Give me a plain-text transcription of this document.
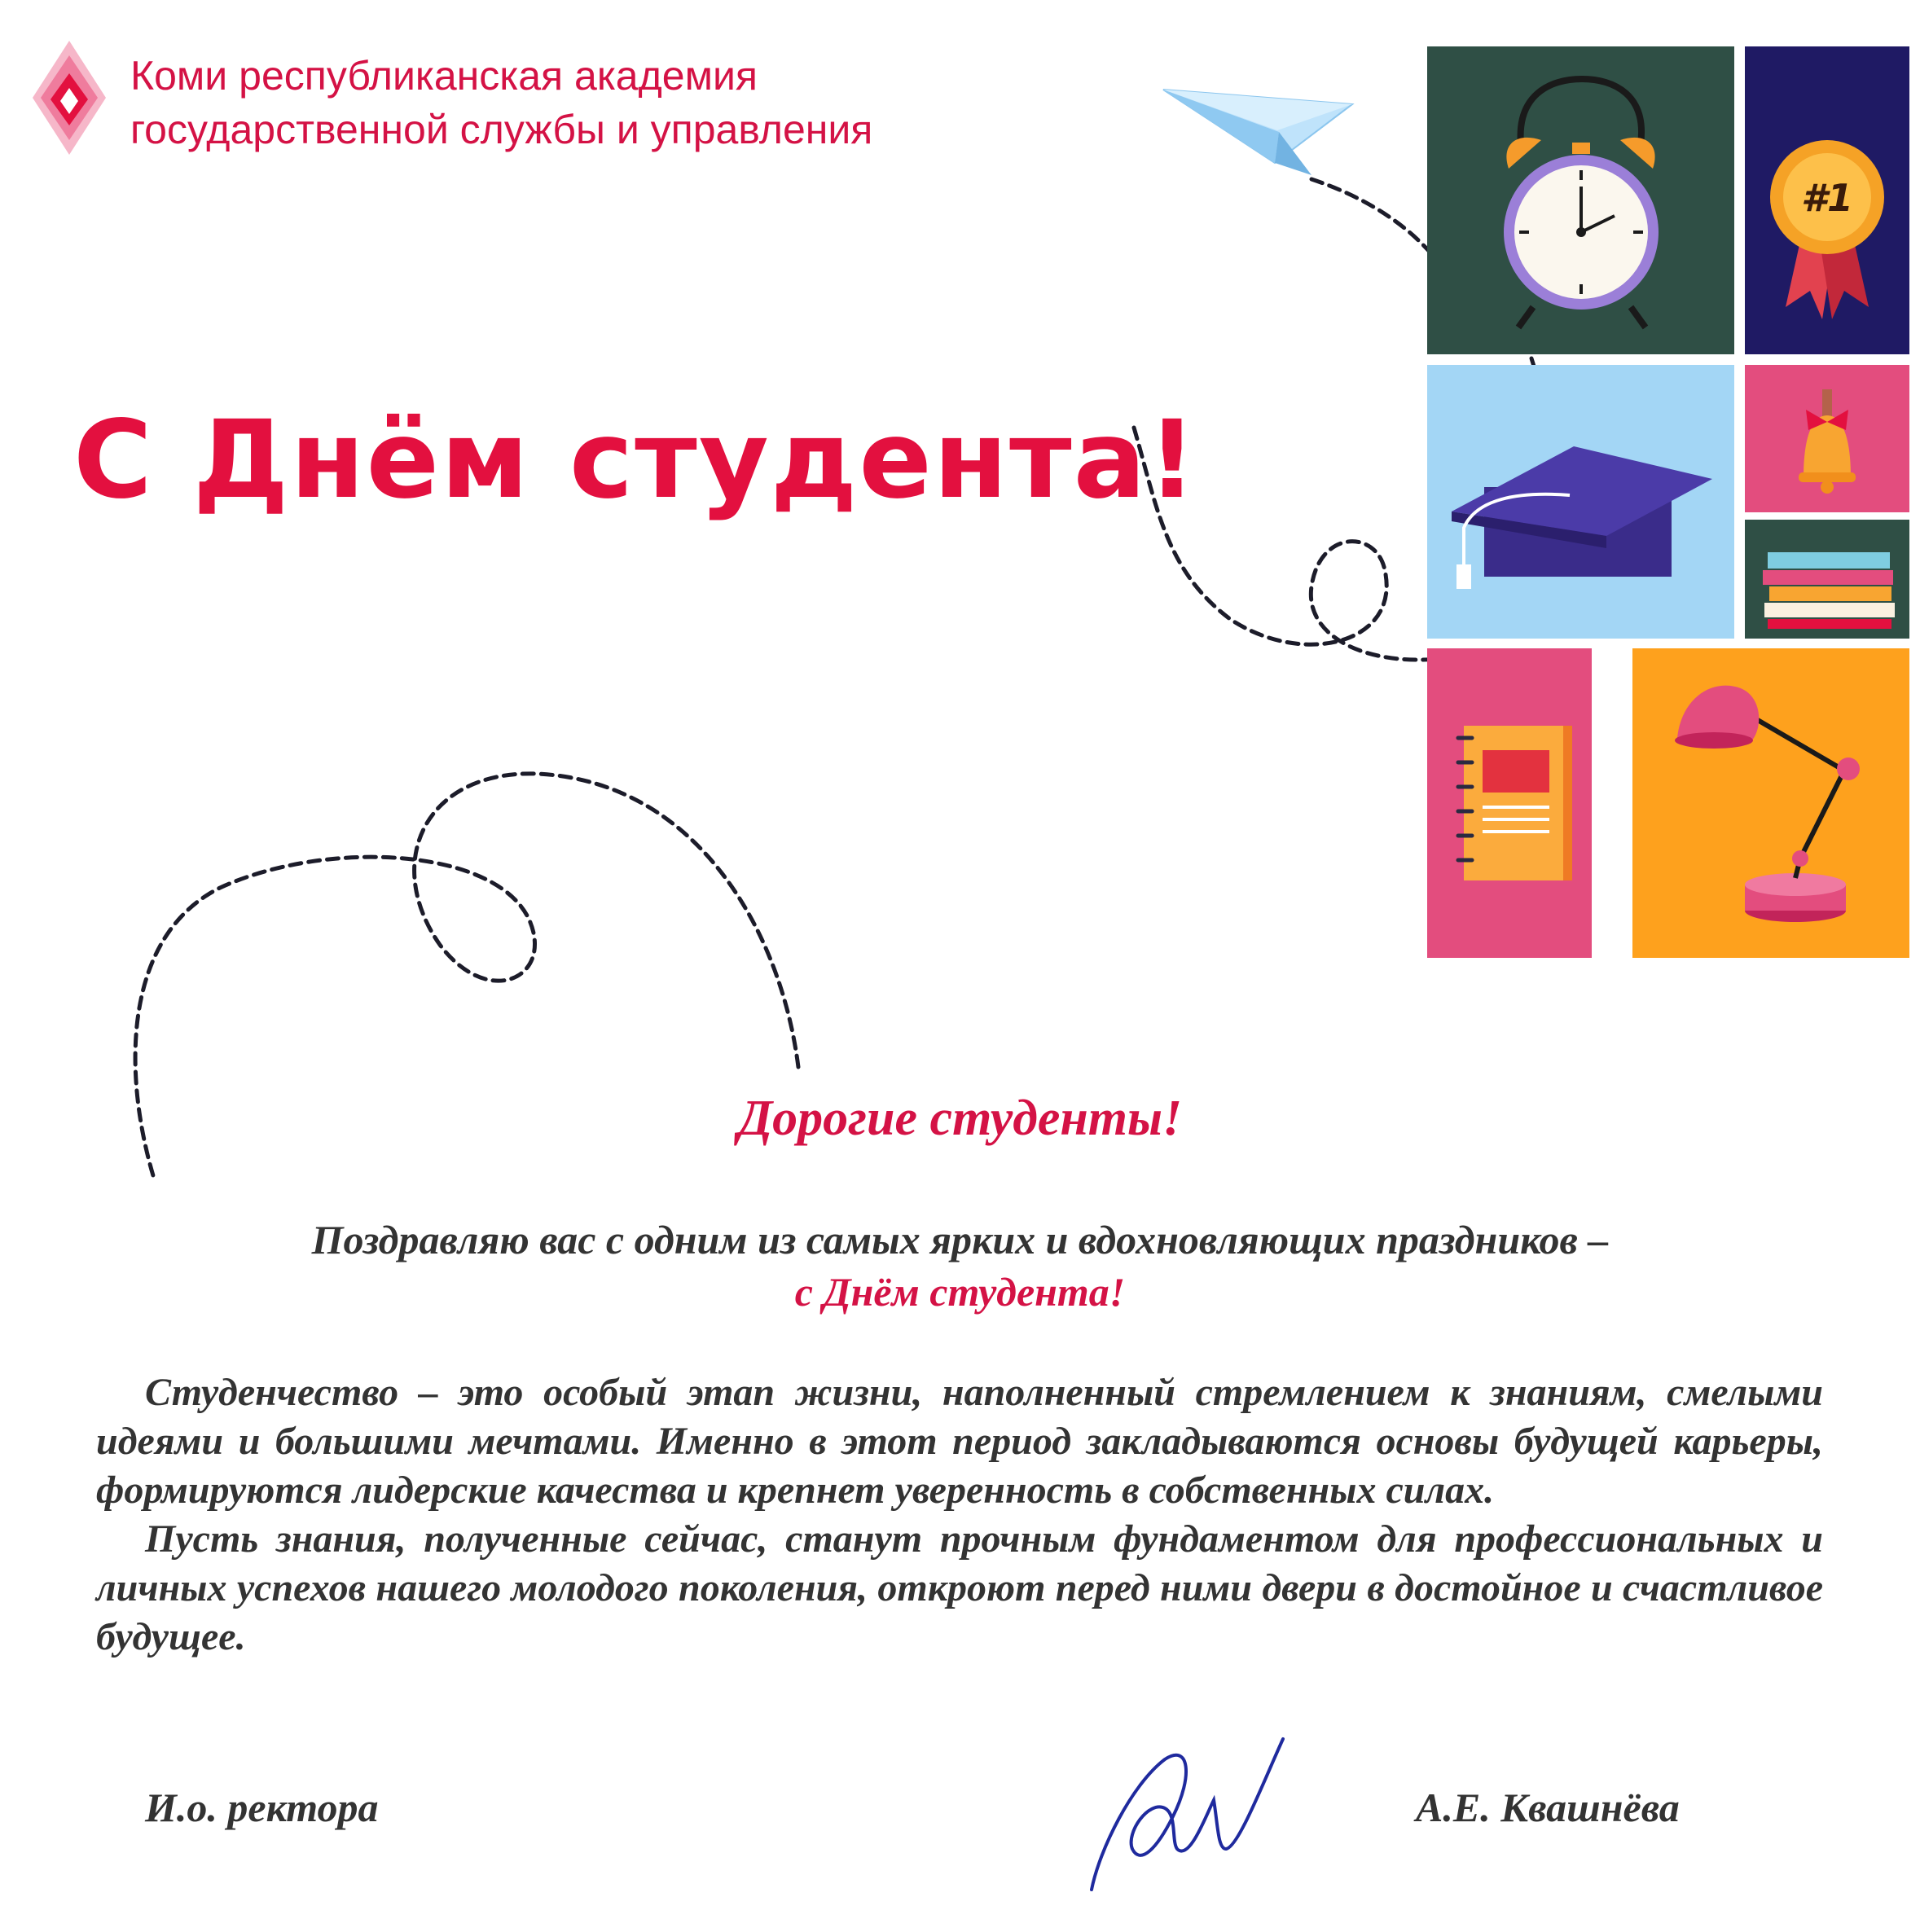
Коми республиканская академия
государственной службы и управления
С Днём студента!
#1
Дорогие студенты!
Поздравляю вас с одним из самых ярких и вдохновляющих праздников –
с Днём студента!

Студенчество – это особый этап жизни, наполненный стремлением к знаниям, смелыми идеями и большими мечтами. Именно в этот период закладываются основы будущей карьеры, формируются лидерские качества и крепнет уверенность в собственных силах.

Пусть знания, полученные сейчас, станут прочным фундаментом для профессиональных и личных успехов нашего молодого поколения, откроют перед ними двери в достойное и счастливое будущее.

И.о. ректора	А.Е. Квашнёва
